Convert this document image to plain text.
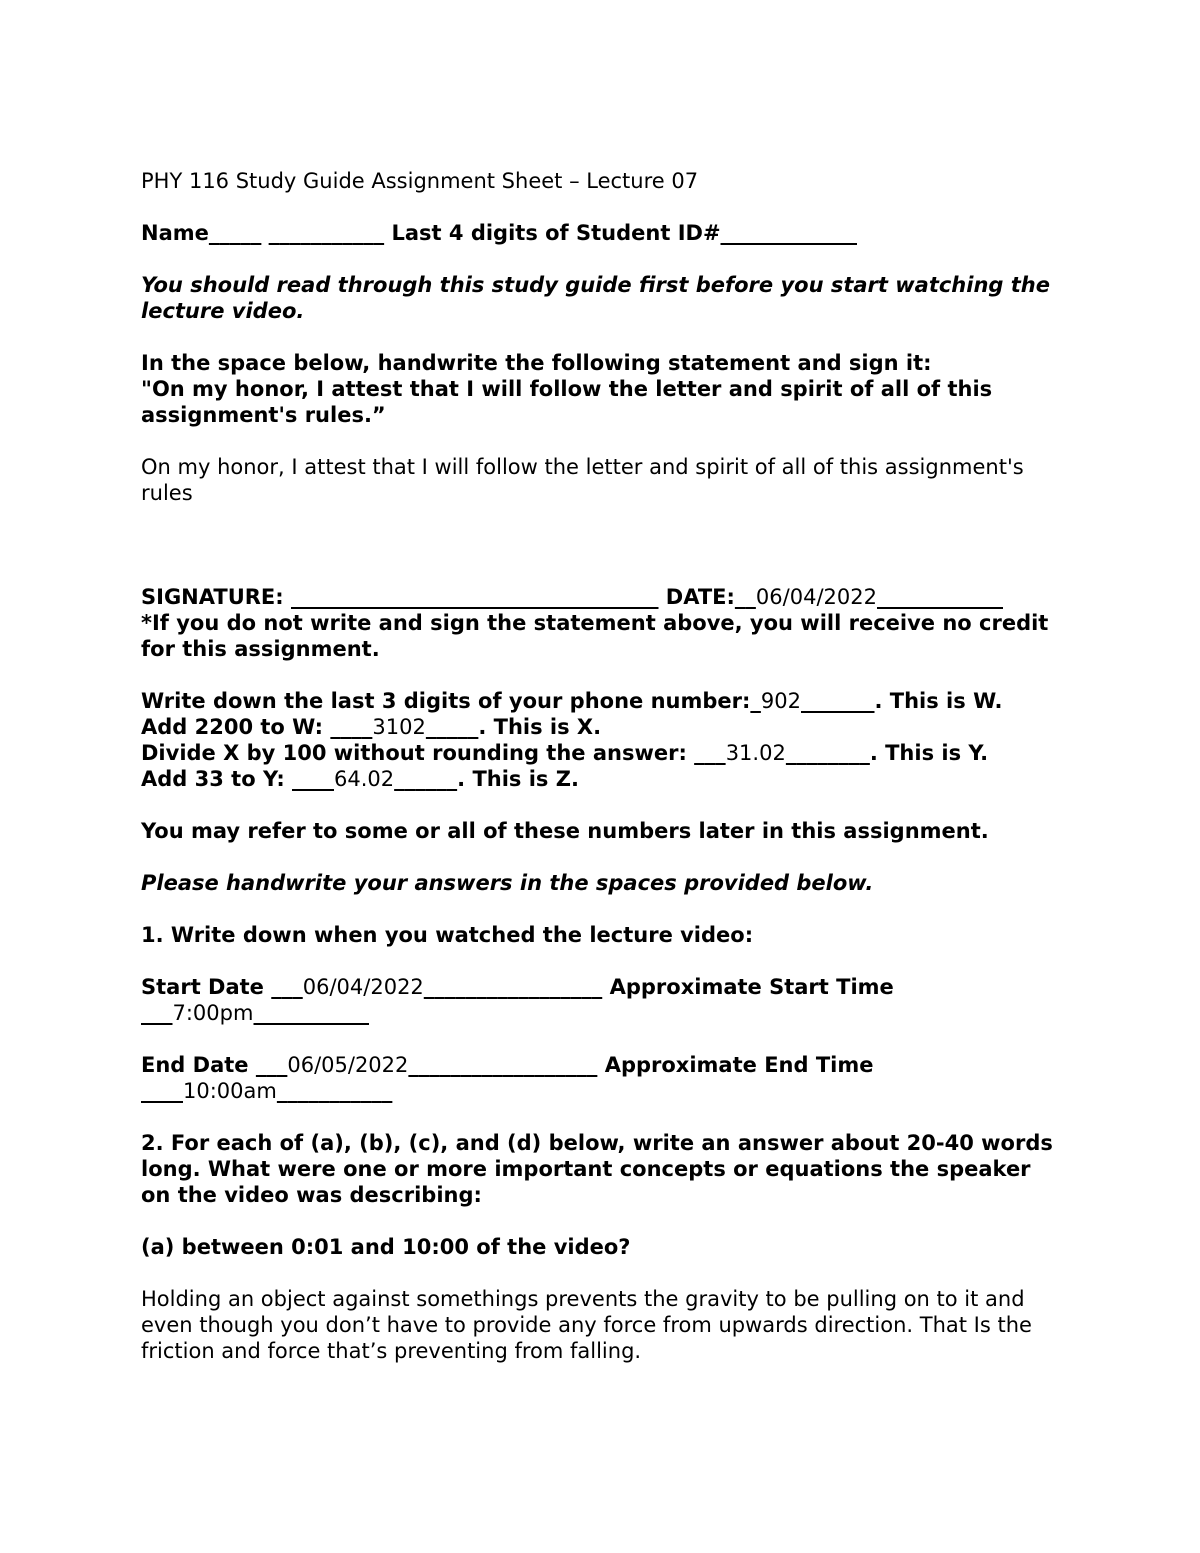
PHY 116 Study Guide Assignment Sheet – Lecture 07

Name_____ ___________ Last 4 digits of Student ID#_____________

You should read through this study guide first before you start watching the lecture video.

In the space below, handwrite the following statement and sign it:
"On my honor, I attest that I will follow the letter and spirit of all of this assignment's rules.”

On my honor, I attest that I will follow the letter and spirit of all of this assignment's rules

SIGNATURE: ___________________________________ DATE:__06/04/2022____________
*If you do not write and sign the statement above, you will receive no credit for this assignment.

Write down the last 3 digits of your phone number:_902_______. This is W.
Add 2200 to W: ____3102_____. This is X.
Divide X by 100 without rounding the answer: ___31.02________. This is Y.
Add 33 to Y: ____64.02______. This is Z.

You may refer to some or all of these numbers later in this assignment.

Please handwrite your answers in the spaces provided below.

1. Write down when you watched the lecture video:

Start Date ___06/04/2022_________________ Approximate Start Time
___7:00pm___________

End Date ___06/05/2022__________________ Approximate End Time
____10:00am___________

2. For each of (a), (b), (c), and (d) below, write an answer about 20-40 words long. What were one or more important concepts or equations the speaker on the video was describing:

(a) between 0:01 and 10:00 of the video?

Holding an object against somethings prevents the gravity to be pulling on to it and even though you don’t have to provide any force from upwards direction. That Is the friction and force that’s preventing from falling.
